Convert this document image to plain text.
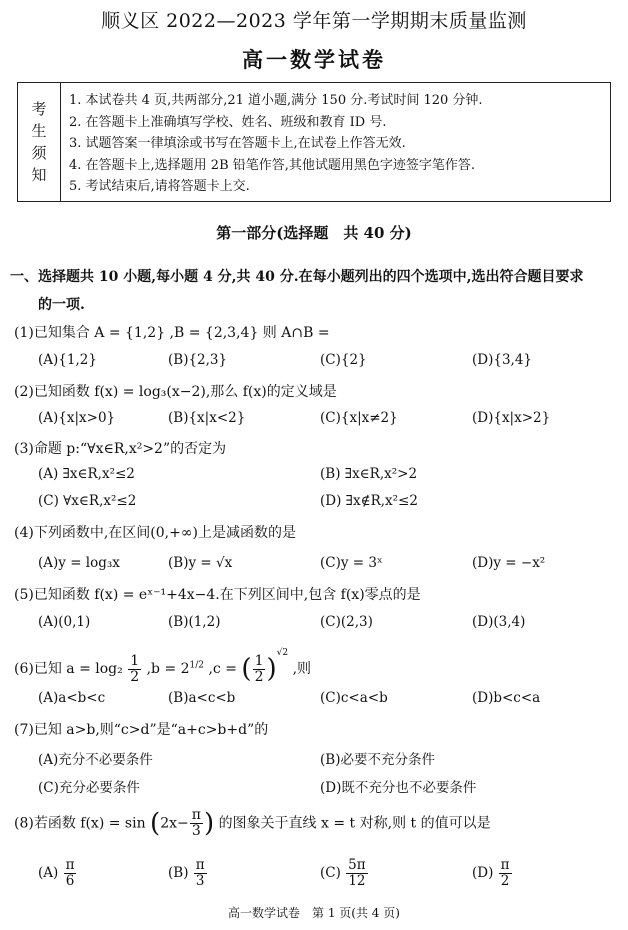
顺义区 2022—2023 学年第一学期期末质量监测
高一数学试卷
考
生
须
知
1. 本试卷共 4 页,共两部分,21 道小题,满分 150 分.考试时间 120 分钟.
2. 在答题卡上准确填写学校、姓名、班级和教育 ID 号.
3. 试题答案一律填涂或书写在答题卡上,在试卷上作答无效.
4. 在答题卡上,选择题用 2B 铅笔作答,其他试题用黑色字迹签字笔作答.
5. 考试结束后,请将答题卡上交.
第一部分(选择题　共 40 分)
一、选择题共 10 小题,每小题 4 分,共 40 分.在每小题列出的四个选项中,选出符合题目要求
的一项.
(1)已知集合 A = {1,2} ,B = {2,3,4} 则 A∩B =
(A){1,2}	(B){2,3}	(C){2}	(D){3,4}
(2)已知函数 f(x) = log₃(x−2),那么 f(x)的定义域是
(A){x|x>0}	(B){x|x<2}	(C){x|x≠2}	(D){x|x>2}
(3)命题 p:“∀x∈R,x²>2”的否定为
(A) ∃x∈R,x²≤2	(B) ∃x∈R,x²>2
(C) ∀x∈R,x²≤2	(D) ∃x∉R,x²≤2
(4)下列函数中,在区间(0,+∞)上是减函数的是
(A)y = log₃x	(B)y = √x	(C)y = 3ˣ	(D)y = −x²
(5)已知函数 f(x) = eˣ⁻¹+4x−4.在下列区间中,包含 f(x)零点的是
(A)(0,1)	(B)(1,2)	(C)(2,3)	(D)(3,4)
(6)已知 $a = \log_2 \frac{1}{2} ,b = 2^{1/2}$ ,c = ( $\frac{1}{2} )^{√2}$ ,则
(A)a<b<c	(B)a<c<b	(C)c<a<b	(D)b<c<a
(7)已知 a>b,则“c>d”是“a+c>b+d”的
(A)充分不必要条件	(B)必要不充分条件
(C)充分必要条件	(D)既不充分也不必要条件
(8)若函数 $f(x) = \sin (2x- \frac{\pi}{3}$ ) 的图象关于直线 x = t 对称,则 t 的值可以是
$(A) \frac{\pi}{6}$	$(B) \frac{\pi}{3}$	$(C) \frac{5\pi}{12}$	$(D) \frac{\pi}{2}$
高一数学试卷　第 1 页(共 4 页)
